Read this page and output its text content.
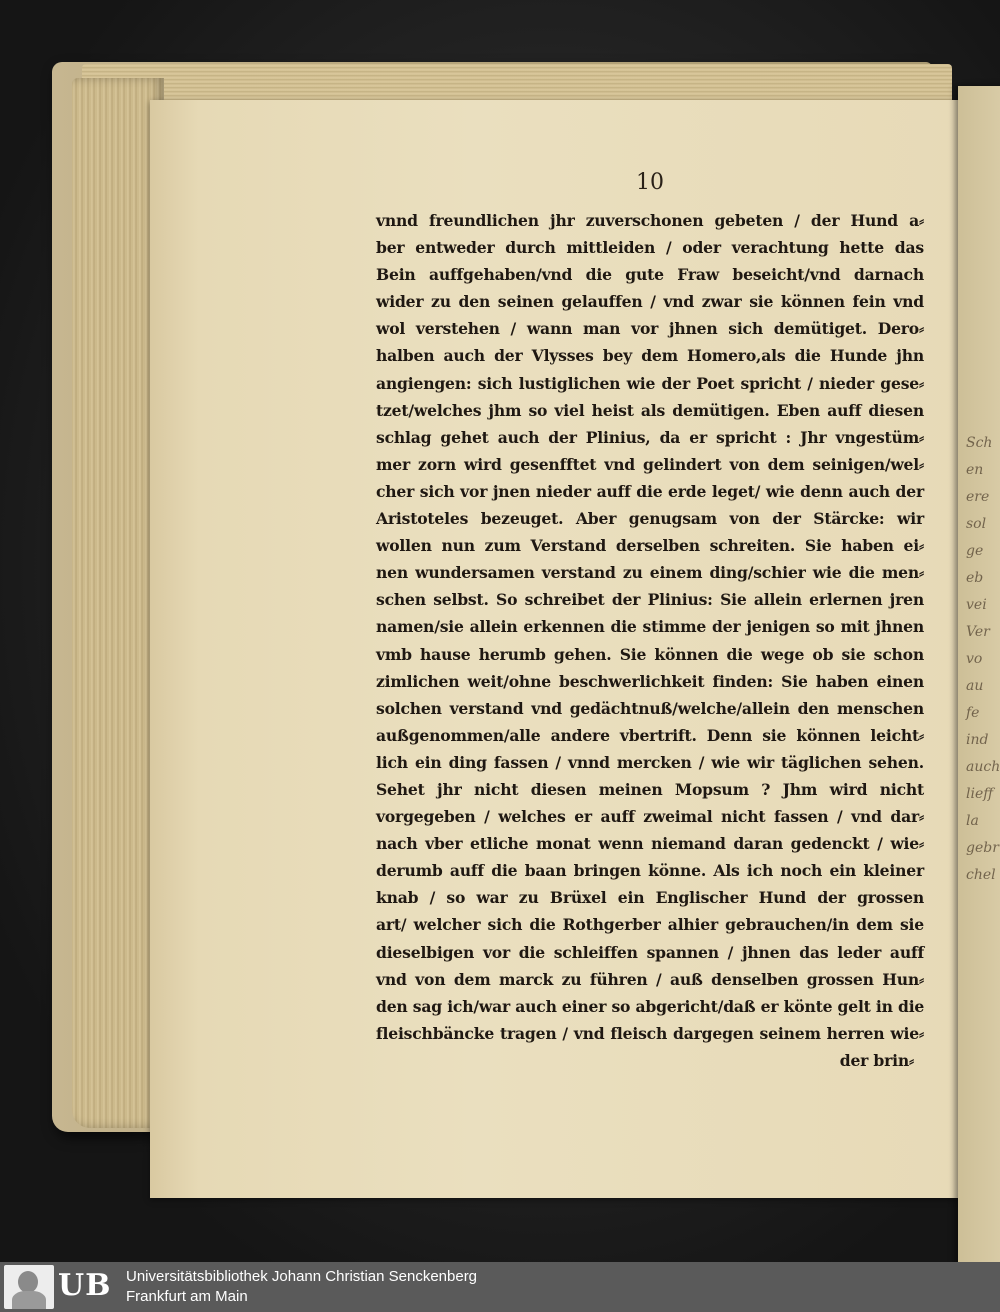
Sch
en
ere
sol
ge
eb
vei
Ver
vo
au
fe
ind
auch
lieff
la
gebr
chel
10
vnnd freundlichen jhr zuverschonen gebeten / der Hund a⸗
ber entweder durch mittleiden / oder verachtung hette das
Bein auffgehaben/vnd die gute Fraw beseicht/vnd darnach
wider zu den seinen gelauffen / vnd zwar sie können fein vnd
wol verstehen / wann man vor jhnen sich demütiget. Dero⸗
halben auch der Vlysses bey dem Homero,als die Hunde jhn
angiengen: sich lustiglichen wie der Poet spricht / nieder gese⸗
tzet/welches jhm so viel heist als demütigen. Eben auff diesen
schlag gehet auch der Plinius, da er spricht : Jhr vngestüm⸗
mer zorn wird gesenfftet vnd gelindert von dem seinigen/wel⸗
cher sich vor jnen nieder auff die erde leget/ wie denn auch der
Aristoteles bezeuget. Aber genugsam von der Stärcke: wir
wollen nun zum Verstand derselben schreiten. Sie haben ei⸗
nen wundersamen verstand zu einem ding/schier wie die men⸗
schen selbst. So schreibet der Plinius: Sie allein erlernen jren
namen/sie allein erkennen die stimme der jenigen so mit jhnen
vmb hause herumb gehen. Sie können die wege ob sie schon
zimlichen weit/ohne beschwerlichkeit finden: Sie haben einen
solchen verstand vnd gedächtnuß/welche/allein den menschen
außgenommen/alle andere vbertrift. Denn sie können leicht⸗
lich ein ding fassen / vnnd mercken / wie wir täglichen sehen.
Sehet jhr nicht diesen meinen Mopsum ? Jhm wird nicht
vorgegeben / welches er auff zweimal nicht fassen / vnd dar⸗
nach vber etliche monat wenn niemand daran gedenckt / wie⸗
derumb auff die baan bringen könne. Als ich noch ein kleiner
knab / so war zu Brüxel ein Englischer Hund der grossen
art/ welcher sich die Rothgerber alhier gebrauchen/in dem sie
dieselbigen vor die schleiffen spannen / jhnen das leder auff
vnd von dem marck zu führen / auß denselben grossen Hun⸗
den sag ich/war auch einer so abgericht/daß er könte gelt in die
fleischbäncke tragen / vnd fleisch dargegen seinem herren wie⸗
der brin⸗
UB Universitätsbibliothek Johann Christian Senckenberg
Frankfurt am Main
